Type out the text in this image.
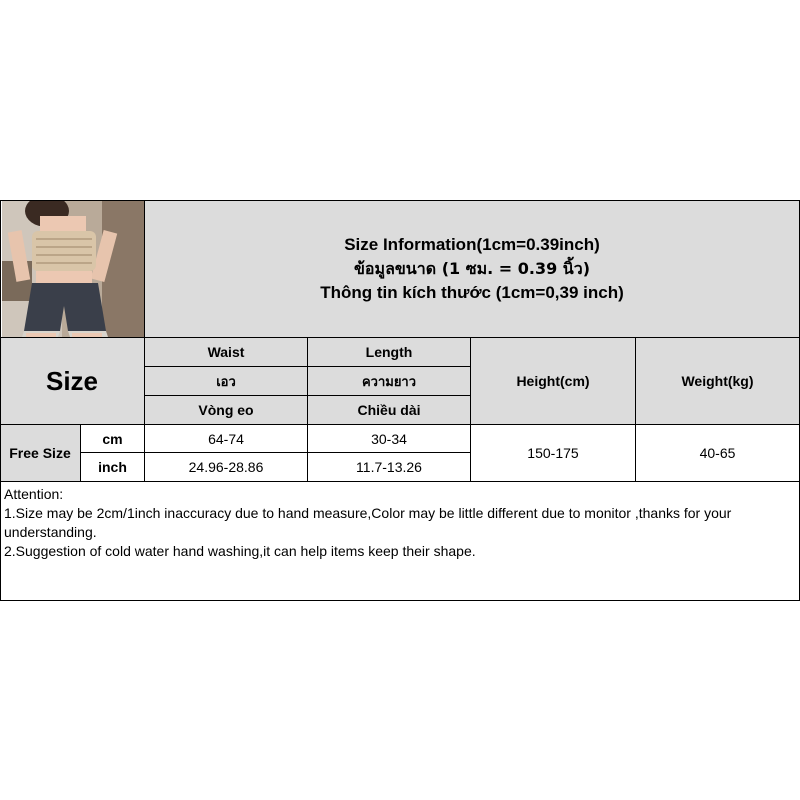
Size Information(1cm=0.39inch)
ข้อมูลขนาด (1 ซม. = 0.39 นิ้ว)
Thông tin kích thước (1cm=0,39 inch)
Size
Waist
เอว
Vòng eo
Length
ความยาว
Chiều dài
Height(cm)	Weight(kg)
Free Size
cm
inch
64-74
24.96-28.86
30-34
11.7-13.26
150-175	40-65
Attention:
1.Size may be 2cm/1inch inaccuracy due to hand measure,Color may be little different due to monitor ,thanks for your understanding.
2.Suggestion of cold water hand washing,it can help items keep their shape.
